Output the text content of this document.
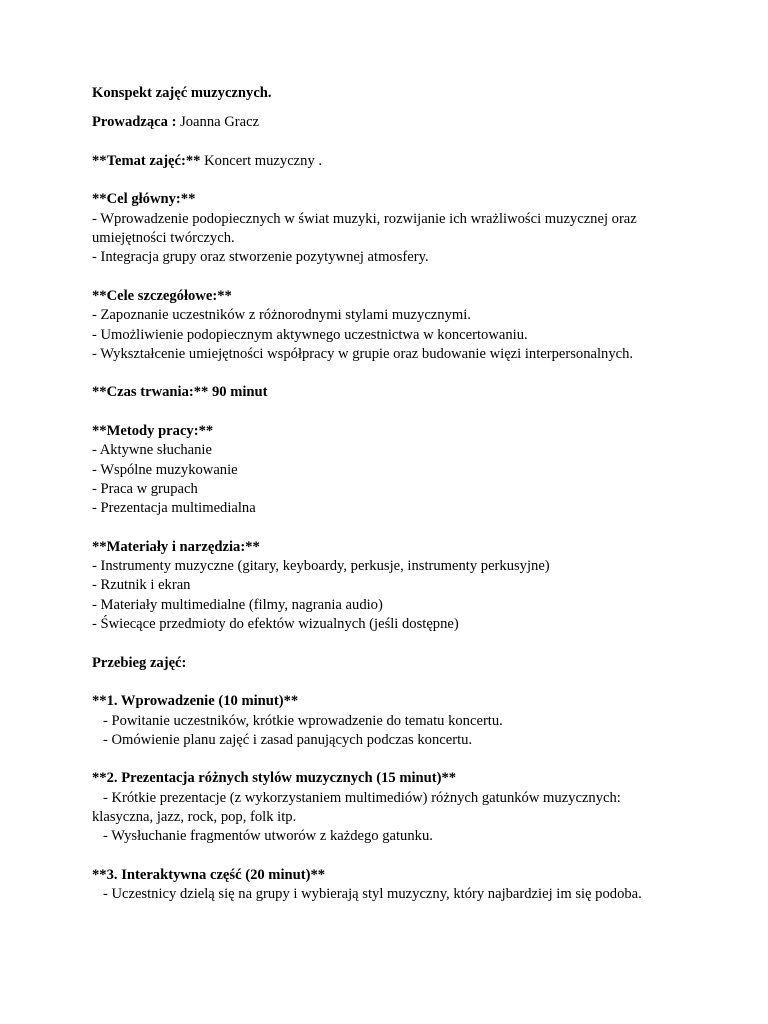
Konspekt zajęć muzycznych.
Prowadząca : Joanna Gracz
**Temat zajęć:** Koncert muzyczny .
**Cel główny:**
- Wprowadzenie podopiecznych w świat muzyki, rozwijanie ich wrażliwości muzycznej oraz umiejętności twórczych.
- Integracja grupy oraz stworzenie pozytywnej atmosfery.
**Cele szczegółowe:**
- Zapoznanie uczestników z różnorodnymi stylami muzycznymi.
- Umożliwienie podopiecznym aktywnego uczestnictwa w koncertowaniu.
- Wykształcenie umiejętności współpracy w grupie oraz budowanie więzi interpersonalnych.
**Czas trwania:** 90 minut
**Metody pracy:**
- Aktywne słuchanie
- Wspólne muzykowanie
- Praca w grupach
- Prezentacja multimedialna
**Materiały i narzędzia:**
- Instrumenty muzyczne (gitary, keyboardy, perkusje, instrumenty perkusyjne)
- Rzutnik i ekran
- Materiały multimedialne (filmy, nagrania audio)
- Świecące przedmioty do efektów wizualnych (jeśli dostępne)
Przebieg zajęć:
**1. Wprowadzenie (10 minut)**
- Powitanie uczestników, krótkie wprowadzenie do tematu koncertu.
- Omówienie planu zajęć i zasad panujących podczas koncertu.
**2. Prezentacja różnych stylów muzycznych (15 minut)**
- Krótkie prezentacje (z wykorzystaniem multimediów) różnych gatunków muzycznych: klasyczna, jazz, rock, pop, folk itp.
- Wysłuchanie fragmentów utworów z każdego gatunku.
**3. Interaktywna część (20 minut)**
- Uczestnicy dzielą się na grupy i wybierają styl muzyczny, który najbardziej im się podoba.
